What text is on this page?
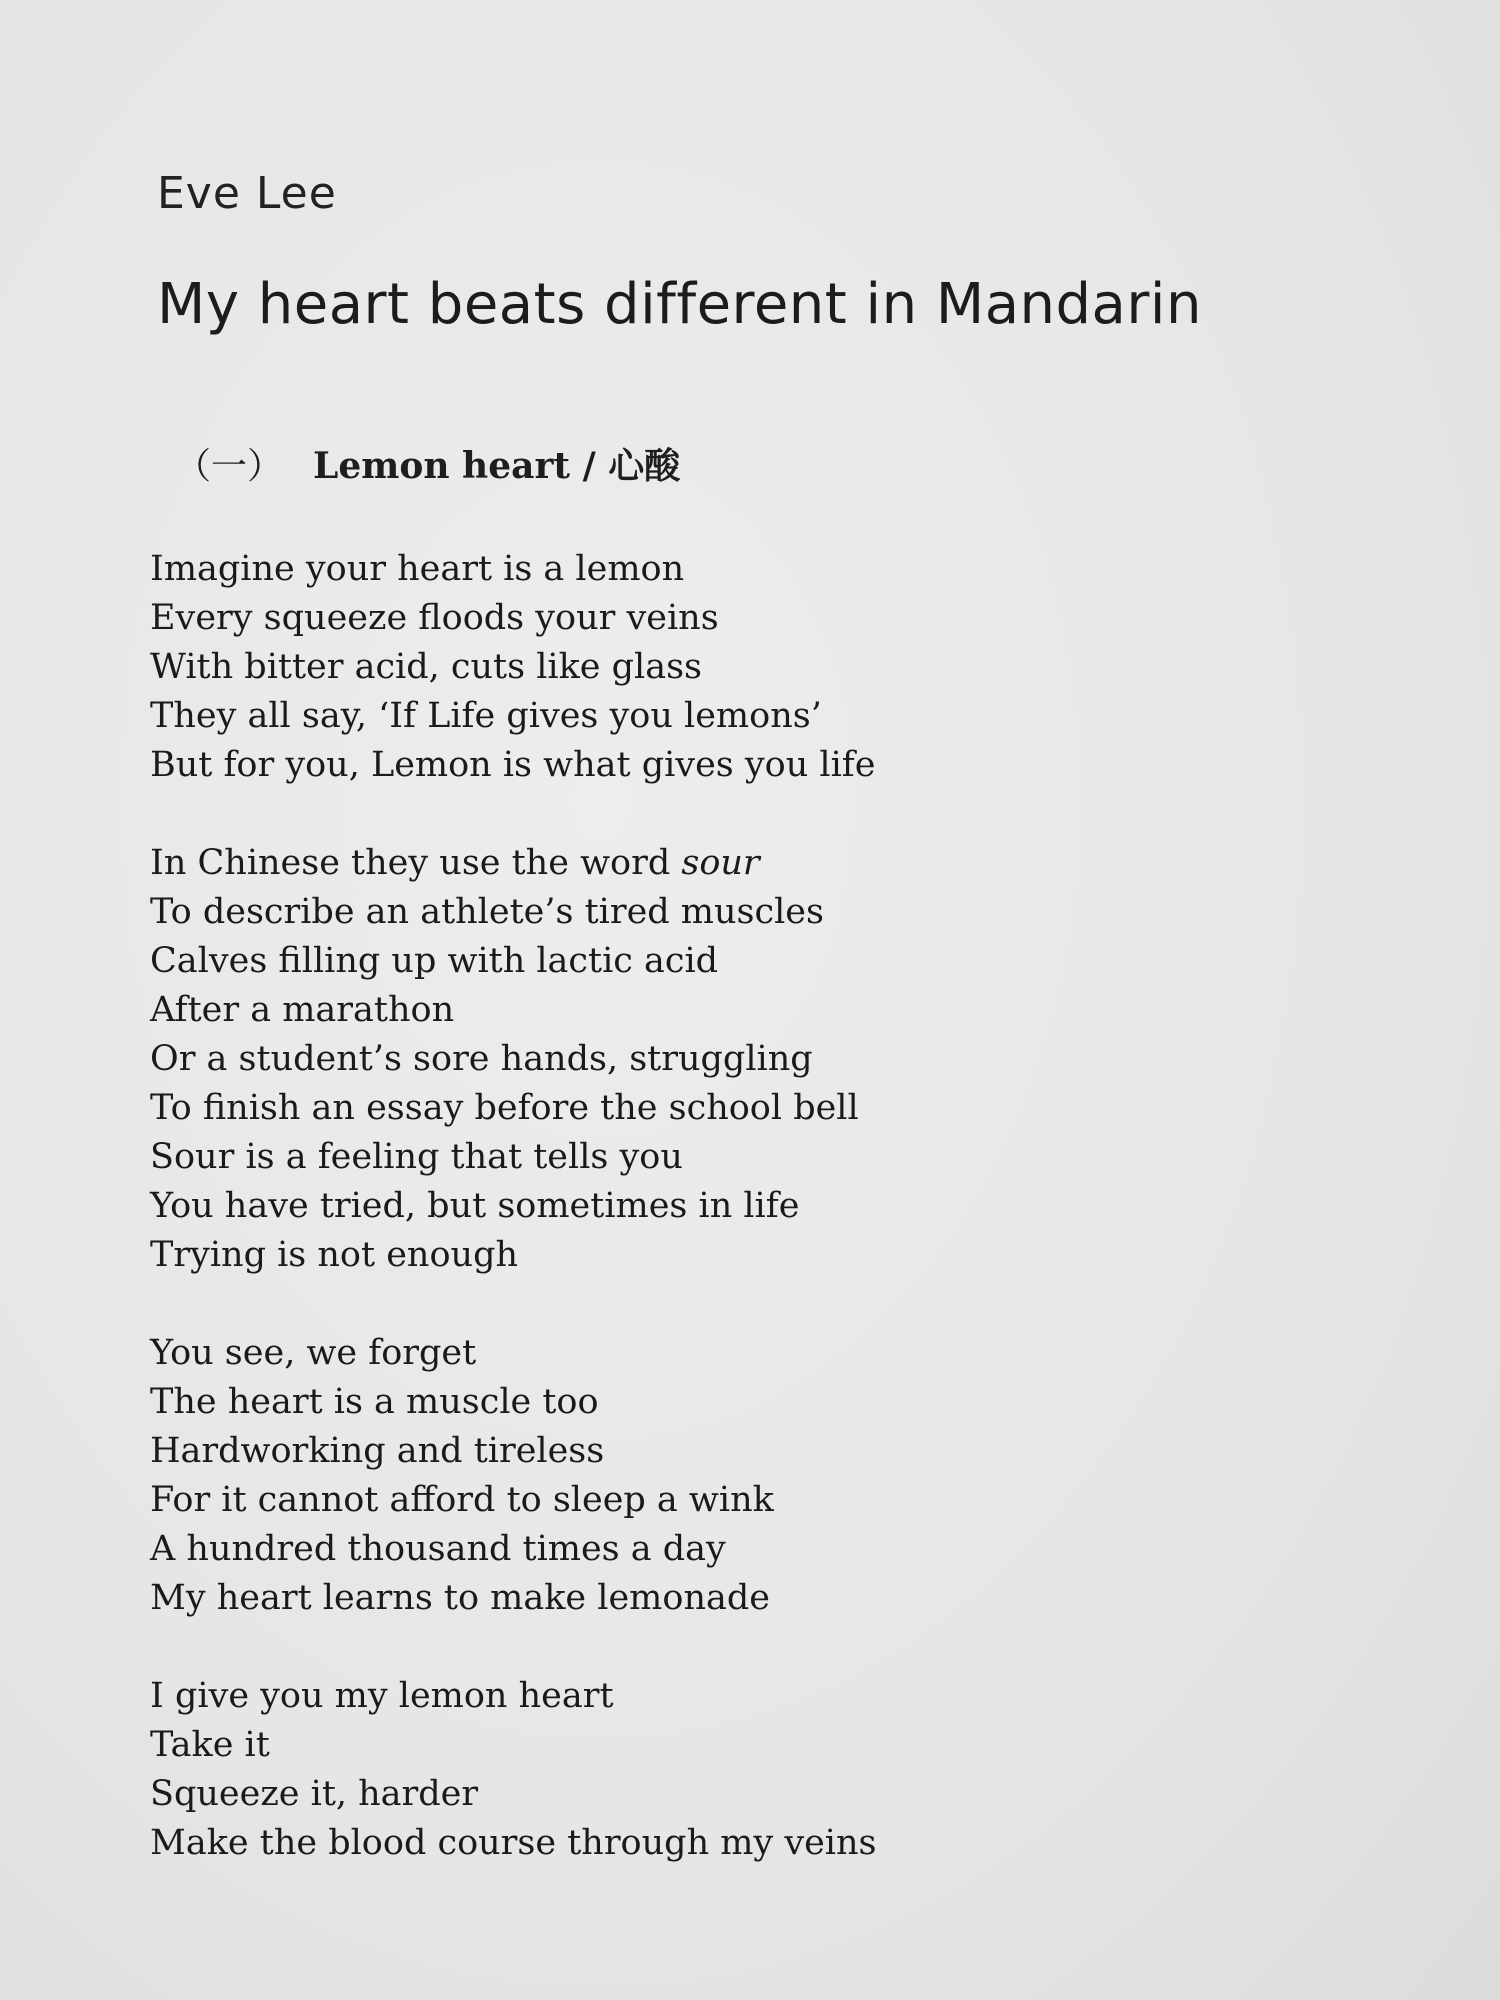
Eve Lee
My heart beats different in Mandarin
（一） Lemon heart / 心酸
Imagine your heart is a lemon
Every squeeze floods your veins
With bitter acid, cuts like glass
They all say, ‘If Life gives you lemons’
But for you, Lemon is what gives you life
In Chinese they use the word sour
To describe an athlete’s tired muscles
Calves filling up with lactic acid
After a marathon
Or a student’s sore hands, struggling
To finish an essay before the school bell
Sour is a feeling that tells you
You have tried, but sometimes in life
Trying is not enough
You see, we forget
The heart is a muscle too
Hardworking and tireless
For it cannot afford to sleep a wink
A hundred thousand times a day
My heart learns to make lemonade
I give you my lemon heart
Take it
Squeeze it, harder
Make the blood course through my veins
